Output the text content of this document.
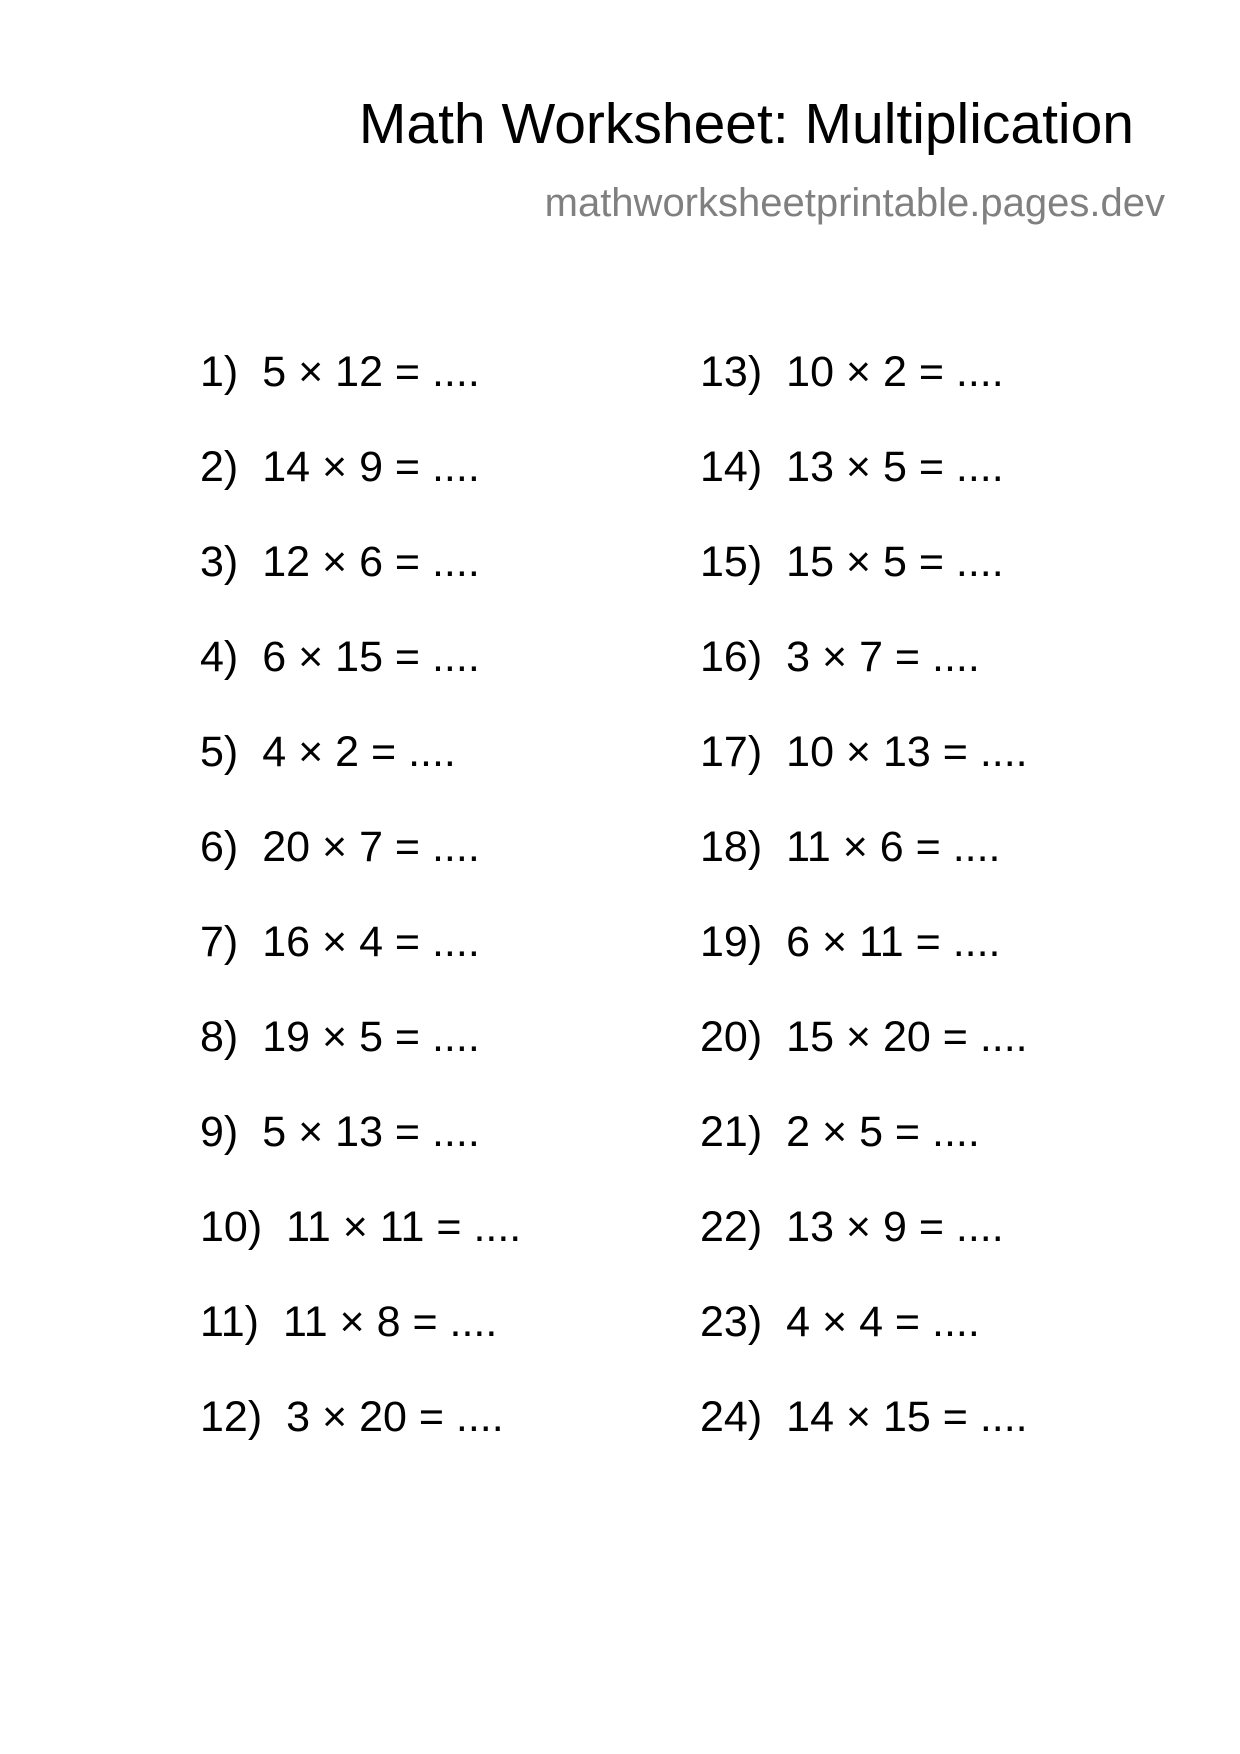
Math Worksheet: Multiplication
mathworksheetprintable.pages.dev
1) 5 × 12 = ....
2) 14 × 9 = ....
3) 12 × 6 = ....
4) 6 × 15 = ....
5) 4 × 2 = ....
6) 20 × 7 = ....
7) 16 × 4 = ....
8) 19 × 5 = ....
9) 5 × 13 = ....
10) 11 × 11 = ....
11) 11 × 8 = ....
12) 3 × 20 = ....
13) 10 × 2 = ....
14) 13 × 5 = ....
15) 15 × 5 = ....
16) 3 × 7 = ....
17) 10 × 13 = ....
18) 11 × 6 = ....
19) 6 × 11 = ....
20) 15 × 20 = ....
21) 2 × 5 = ....
22) 13 × 9 = ....
23) 4 × 4 = ....
24) 14 × 15 = ....
